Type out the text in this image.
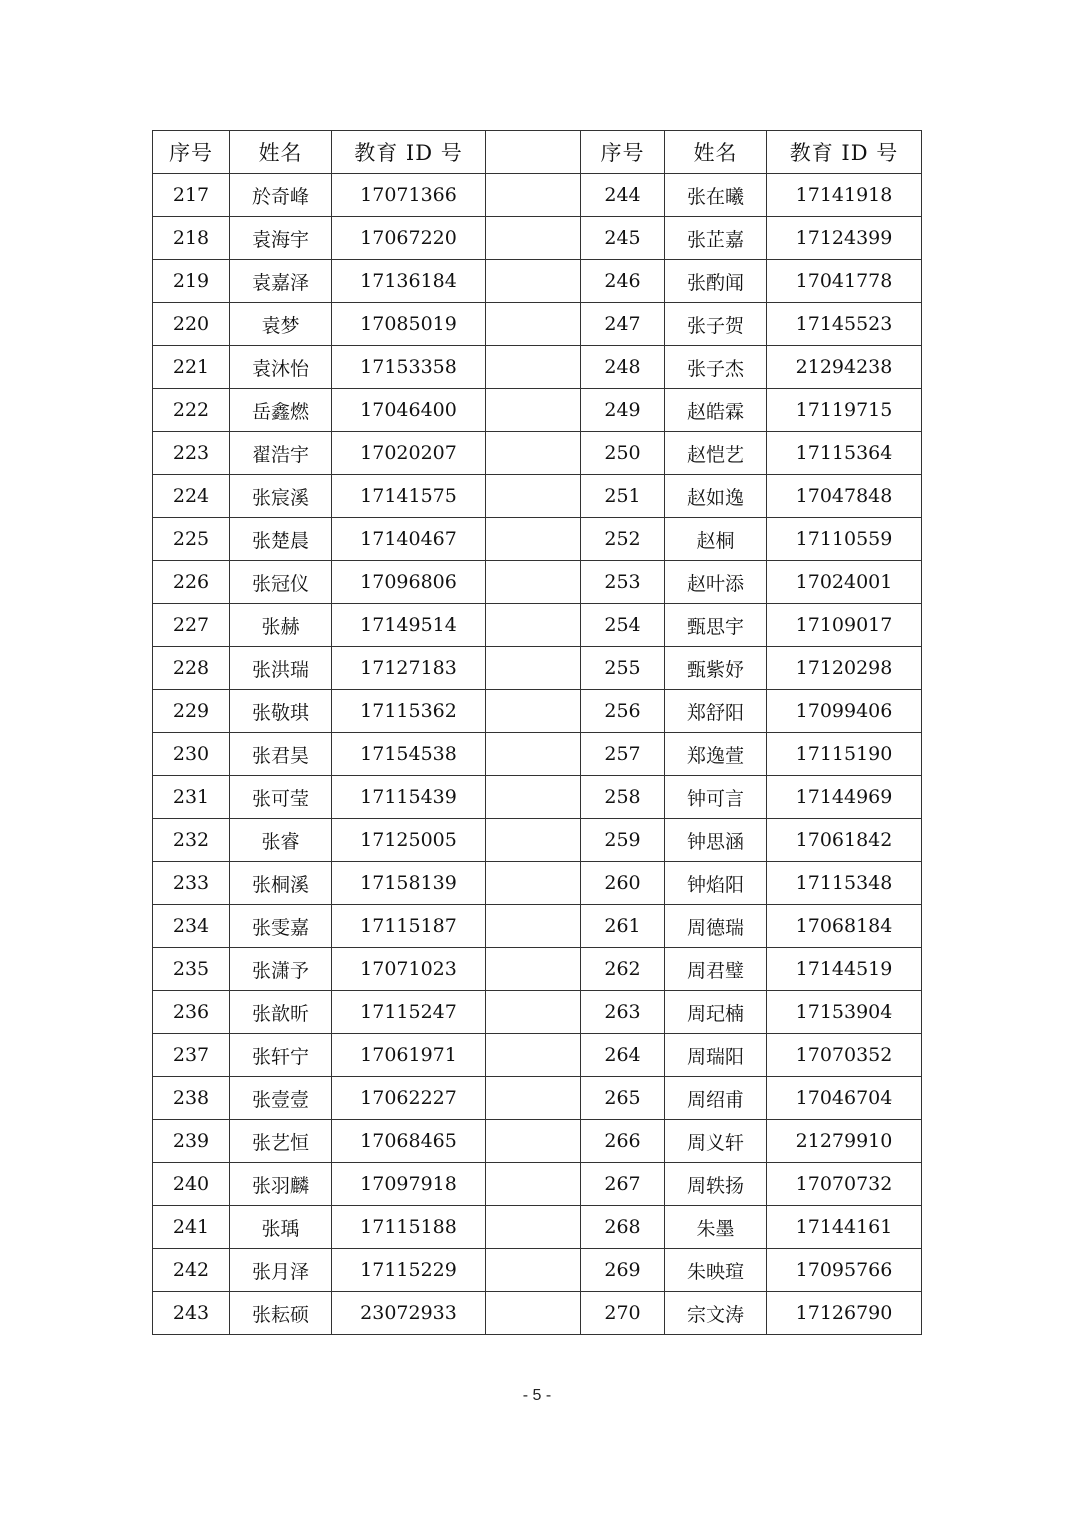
序号	姓名	教育 ID 号		序号	姓名	教育 ID 号
217	於奇峰	17071366		244	张在曦	17141918
218	袁海宇	17067220		245	张芷嘉	17124399
219	袁嘉泽	17136184		246	张酌闻	17041778
220	袁梦	17085019		247	张子贺	17145523
221	袁沐怡	17153358		248	张子杰	21294238
222	岳鑫燃	17046400		249	赵皓霖	17119715
223	翟浩宇	17020207		250	赵恺艺	17115364
224	张宸溪	17141575		251	赵如逸	17047848
225	张楚晨	17140467		252	赵桐	17110559
226	张冠仪	17096806		253	赵叶添	17024001
227	张赫	17149514		254	甄思宇	17109017
228	张洪瑞	17127183		255	甄紫妤	17120298
229	张敬琪	17115362		256	郑舒阳	17099406
230	张君昊	17154538		257	郑逸萱	17115190
231	张可莹	17115439		258	钟可言	17144969
232	张睿	17125005		259	钟思涵	17061842
233	张桐溪	17158139		260	钟焰阳	17115348
234	张雯嘉	17115187		261	周德瑞	17068184
235	张潇予	17071023		262	周君璧	17144519
236	张歆昕	17115247		263	周玘楠	17153904
237	张轩宁	17061971		264	周瑞阳	17070352
238	张壹壹	17062227		265	周绍甫	17046704
239	张艺恒	17068465		266	周义轩	21279910
240	张羽麟	17097918		267	周轶扬	17070732
241	张瑀	17115188		268	朱墨	17144161
242	张月泽	17115229		269	朱映瑄	17095766
243	张耘硕	23072933		270	宗文涛	17126790
- 5 -
